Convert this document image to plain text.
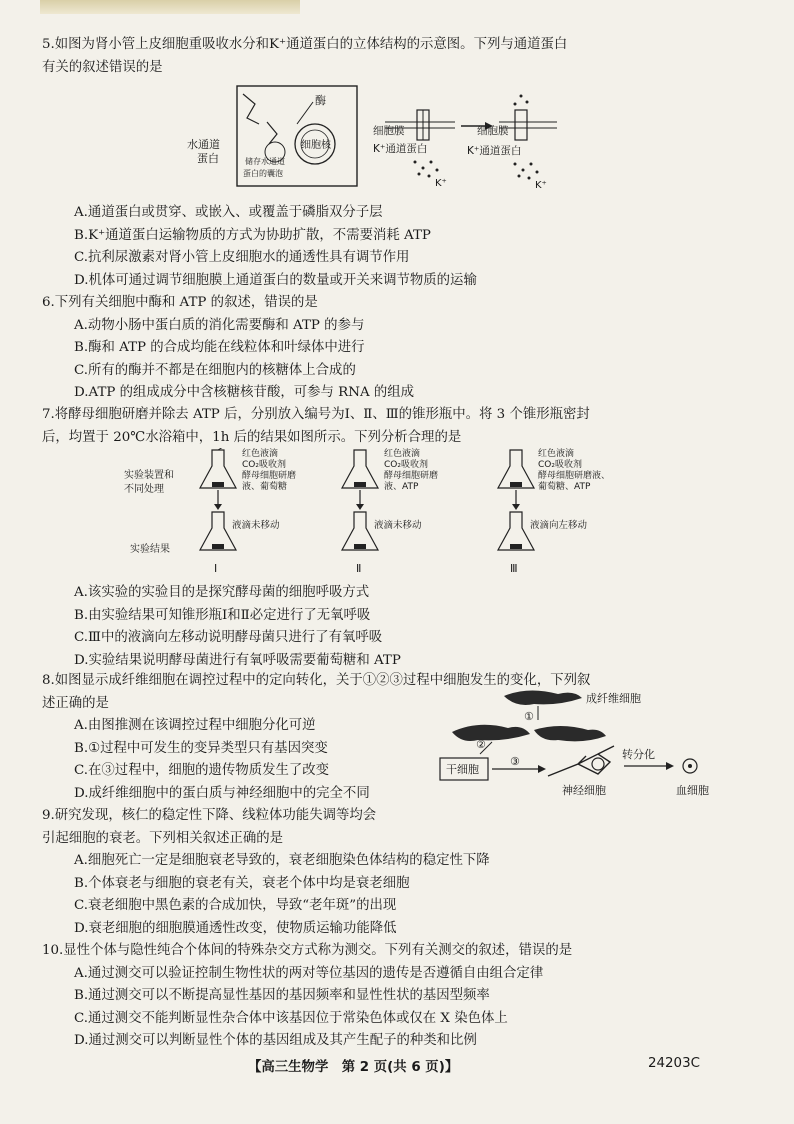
5.如图为肾小管上皮细胞重吸收水分和K⁺通道蛋白的立体结构的示意图。下列与通道蛋白
有关的叙述错误的是
酶
水通道
蛋白
细胞核
储存水通道
蛋白的囊泡
细胞膜
K⁺通道蛋白
K⁺
细胞膜
K⁺通道蛋白
K⁺
A.通道蛋白或贯穿、或嵌入、或覆盖于磷脂双分子层
B.K⁺通道蛋白运输物质的方式为协助扩散，不需要消耗 ATP
C.抗利尿激素对肾小管上皮细胞水的通透性具有调节作用
D.机体可通过调节细胞膜上通道蛋白的数量或开关来调节物质的运输
6.下列有关细胞中酶和 ATP 的叙述，错误的是
A.动物小肠中蛋白质的消化需要酶和 ATP 的参与
B.酶和 ATP 的合成均能在线粒体和叶绿体中进行
C.所有的酶并不都是在细胞内的核糖体上合成的
D.ATP 的组成成分中含核糖核苷酸，可参与 RNA 的组成
7.将酵母细胞研磨并除去 ATP 后，分别放入编号为Ⅰ、Ⅱ、Ⅲ的锥形瓶中。将 3 个锥形瓶密封
后，均置于 20℃水浴箱中，1h 后的结果如图所示。下列分析合理的是
实验装置和
不同处理
实验结果
红色液滴
CO₂吸收剂
酵母细胞研磨
液、葡萄糖
液滴未移动
Ⅰ
红色液滴
CO₂吸收剂
酵母细胞研磨
液、ATP
液滴未移动
Ⅱ
红色液滴
CO₂吸收剂
酵母细胞研磨液、
葡萄糖、ATP
液滴向左移动
Ⅲ
A.该实验的实验目的是探究酵母菌的细胞呼吸方式
B.由实验结果可知锥形瓶Ⅰ和Ⅱ必定进行了无氧呼吸
C.Ⅲ中的液滴向左移动说明酵母菌只进行了有氧呼吸
D.实验结果说明酵母菌进行有氧呼吸需要葡萄糖和 ATP
8.如图显示成纤维细胞在调控过程中的定向转化，关于①②③过程中细胞发生的变化，下列叙
述正确的是
A.由图推测在该调控过程中细胞分化可逆
B.①过程中可发生的变异类型只有基因突变
C.在③过程中，细胞的遗传物质发生了改变
D.成纤维细胞中的蛋白质与神经细胞中的完全不同
成纤维细胞
①
②
干细胞
③
神经细胞
转分化
血细胞
9.研究发现，核仁的稳定性下降、线粒体功能失调等均会
引起细胞的衰老。下列相关叙述正确的是
A.细胞死亡一定是细胞衰老导致的，衰老细胞染色体结构的稳定性下降
B.个体衰老与细胞的衰老有关，衰老个体中均是衰老细胞
C.衰老细胞中黑色素的合成加快，导致“老年斑”的出现
D.衰老细胞的细胞膜通透性改变，使物质运输功能降低
10.显性个体与隐性纯合个体间的特殊杂交方式称为测交。下列有关测交的叙述，错误的是
A.通过测交可以验证控制生物性状的两对等位基因的遗传是否遵循自由组合定律
B.通过测交可以不断提高显性基因的基因频率和显性性状的基因型频率
C.通过测交不能判断显性杂合体中该基因位于常染色体或仅在 X 染色体上
D.通过测交可以判断显性个体的基因组成及其产生配子的种类和比例
【高三生物学　第 2 页(共 6 页)】	24203C
